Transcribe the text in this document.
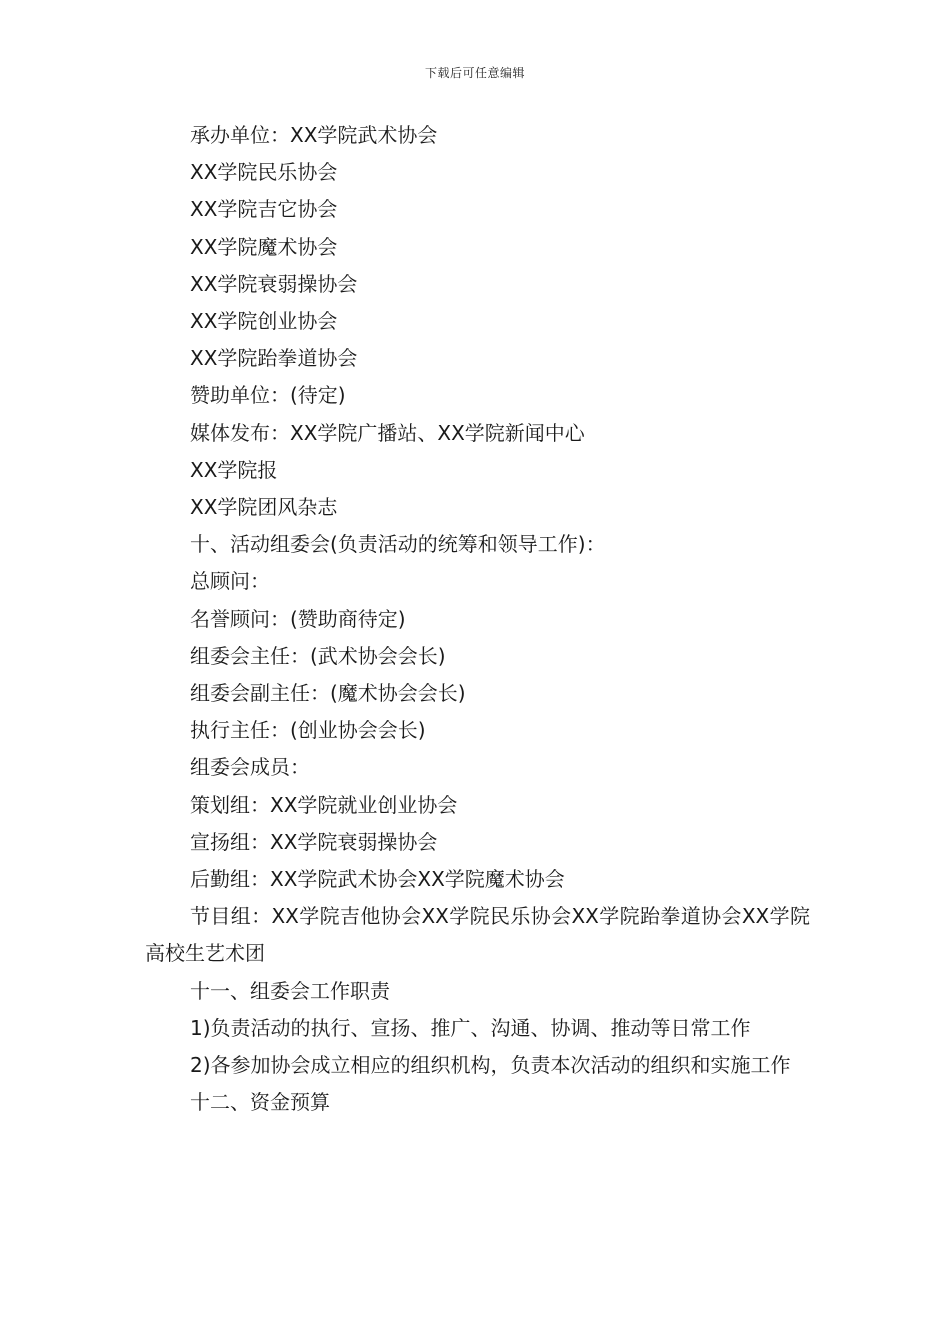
下载后可任意编辑
承办单位：XX学院武术协会
XX学院民乐协会
XX学院吉它协会
XX学院魔术协会
XX学院衰弱操协会
XX学院创业协会
XX学院跆拳道协会
赞助单位：(待定)
媒体发布：XX学院广播站、XX学院新闻中心
XX学院报
XX学院团风杂志
十、活动组委会(负责活动的统筹和领导工作)：
总顾问：
名誉顾问：(赞助商待定)
组委会主任：(武术协会会长)
组委会副主任：(魔术协会会长)
执行主任：(创业协会会长)
组委会成员：
策划组：XX学院就业创业协会
宣扬组：XX学院衰弱操协会
后勤组：XX学院武术协会XX学院魔术协会
节目组：XX学院吉他协会XX学院民乐协会XX学院跆拳道协会XX学院高校生艺术团
十一、组委会工作职责
1)负责活动的执行、宣扬、推广、沟通、协调、推动等日常工作
2)各参加协会成立相应的组织机构，负责本次活动的组织和实施工作
十二、资金预算
